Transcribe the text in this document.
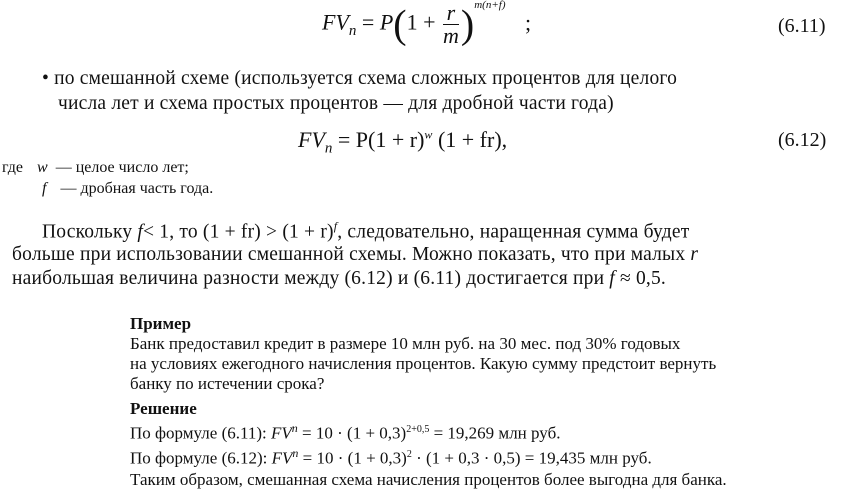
$FV_n = P(1 + \frac{r}{m} )^{m(n+f)}$ ;	(6.11)
• по смешанной схеме (используется схема сложных процентов для целого
числа лет и схема простых процентов — для дробной части года)
$FV_n = P(1 + r)^w$ (1 + fr),	(6.12)
где w — целое число лет;
f — дробная часть года.
Поскольку f< 1, то $(1 + fr) > (1 + r)^f$, следовательно, наращенная сумма будет
больше при использовании смешанной схемы. Можно показать, что при малых r
наибольшая величина разности между (6.12) и (6.11) достигается при f ≈ 0,5.
Пример
Банк предоставил кредит в размере 10 млн руб. на 30 мес. под 30% годовых
на условиях ежегодного начисления процентов. Какую сумму предстоит вернуть
банку по истечении срока?
Решение
По формуле (6.11): $FV^n = 10 \cdot (1 + 0,3)^{2+0,5} = 19,269$ млн руб.
По формуле (6.12): $FV^n = 10 \cdot (1 + 0,3)^2 \cdot (1 + 0,3 \cdot 0,5) = 19,435$ млн руб.
Таким образом, смешанная схема начисления процентов более выгодна для банка.
